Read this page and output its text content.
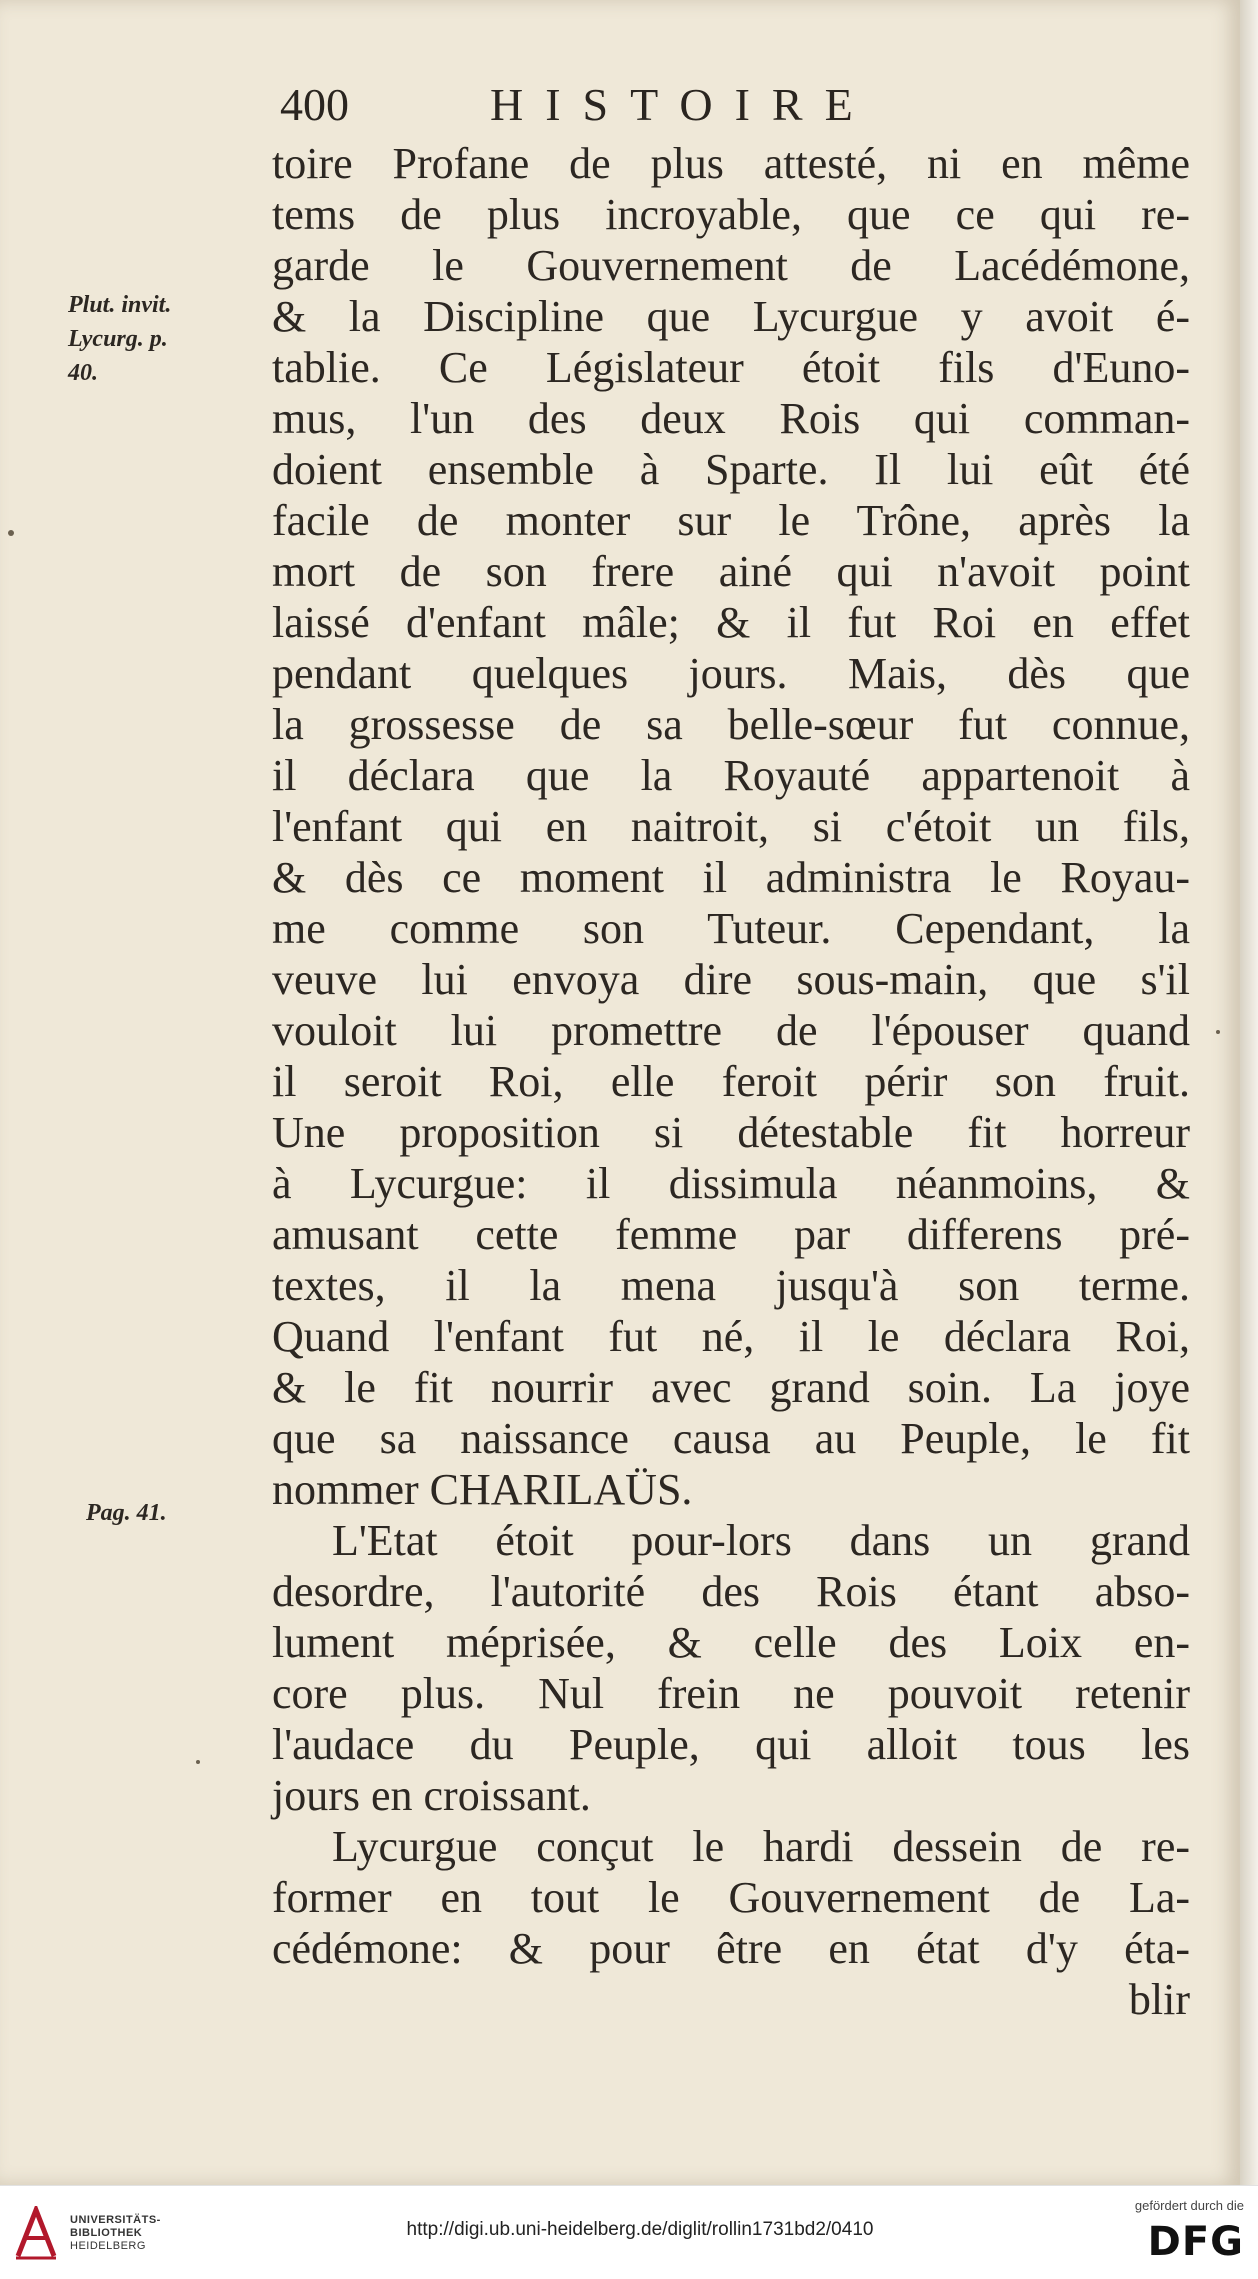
400	HISTOIRE
Plut. invit.
Lycurg. p.
40.
Pag. 41.
toire Profane de plus attesté, ni en même
tems de plus incroyable, que ce qui re-
garde le Gouvernement de Lacédémone,
& la Discipline que Lycurgue y avoit é-
tablie. Ce Législateur étoit fils d'Euno-
mus, l'un des deux Rois qui comman-
doient ensemble à Sparte. Il lui eût été
facile de monter sur le Trône, après la
mort de son frere ainé qui n'avoit point
laissé d'enfant mâle; & il fut Roi en effet
pendant quelques jours. Mais, dès que
la grossesse de sa belle-sœur fut connue,
il déclara que la Royauté appartenoit à
l'enfant qui en naitroit, si c'étoit un fils,
& dès ce moment il administra le Royau-
me comme son Tuteur. Cependant, la
veuve lui envoya dire sous-main, que s'il
vouloit lui promettre de l'épouser quand
il seroit Roi, elle feroit périr son fruit.
Une proposition si détestable fit horreur
à Lycurgue: il dissimula néanmoins, &
amusant cette femme par differens pré-
textes, il la mena jusqu'à son terme.
Quand l'enfant fut né, il le déclara Roi,
& le fit nourrir avec grand soin. La joye
que sa naissance causa au Peuple, le fit
nommer CHARILAÜS.
L'Etat étoit pour-lors dans un grand
desordre, l'autorité des Rois étant abso-
lument méprisée, & celle des Loix en-
core plus. Nul frein ne pouvoit retenir
l'audace du Peuple, qui alloit tous les
jours en croissant.
Lycurgue conçut le hardi dessein de re-
former en tout le Gouvernement de La-
cédémone: & pour être en état d'y éta-
blir
UNIVERSITÄTS-
BIBLIOTHEK
HEIDELBERG
http://digi.ub.uni-heidelberg.de/diglit/rollin1731bd2/0410
gefördert durch die
DFG
